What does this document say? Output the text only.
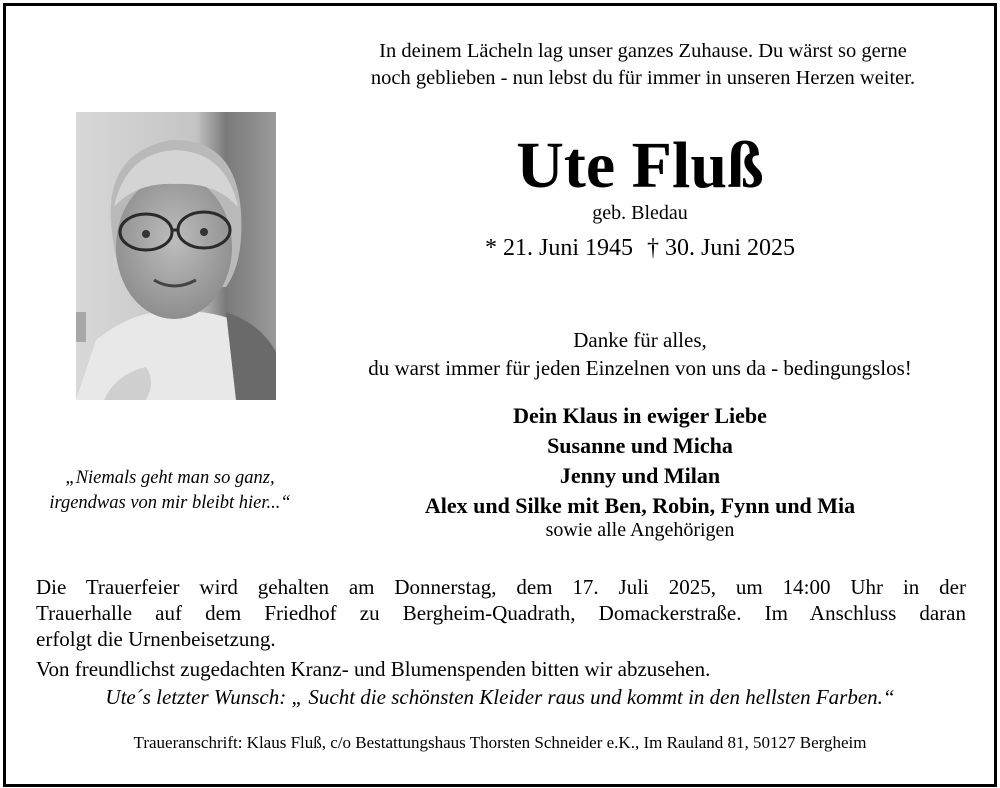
In deinem Lächeln lag unser ganzes Zuhause. Du wärst so gerne
noch geblieben - nun lebst du für immer in unseren Herzen weiter.
Ute Fluß
geb. Bledau
* 21. Juni 1945 † 30. Juni 2025
Danke für alles,
du warst immer für jeden Einzelnen von uns da - bedingungslos!
Dein Klaus in ewiger Liebe
Susanne und Micha
Jenny und Milan
Alex und Silke mit Ben, Robin, Fynn und Mia
sowie alle Angehörigen
„Niemals geht man so ganz,
irgendwas von mir bleibt hier...“
Die Trauerfeier wird gehalten am Donnerstag, dem 17. Juli 2025, um 14:00 Uhr in der
Trauerhalle auf dem Friedhof zu Bergheim-Quadrath, Domackerstraße. Im Anschluss daran
erfolgt die Urnenbeisetzung.
Von freundlichst zugedachten Kranz- und Blumenspenden bitten wir abzusehen.
Ute´s letzter Wunsch: „ Sucht die schönsten Kleider raus und kommt in den hellsten Farben.“
Traueranschrift: Klaus Fluß, c/o Bestattungshaus Thorsten Schneider e.K., Im Rauland 81, 50127 Bergheim
